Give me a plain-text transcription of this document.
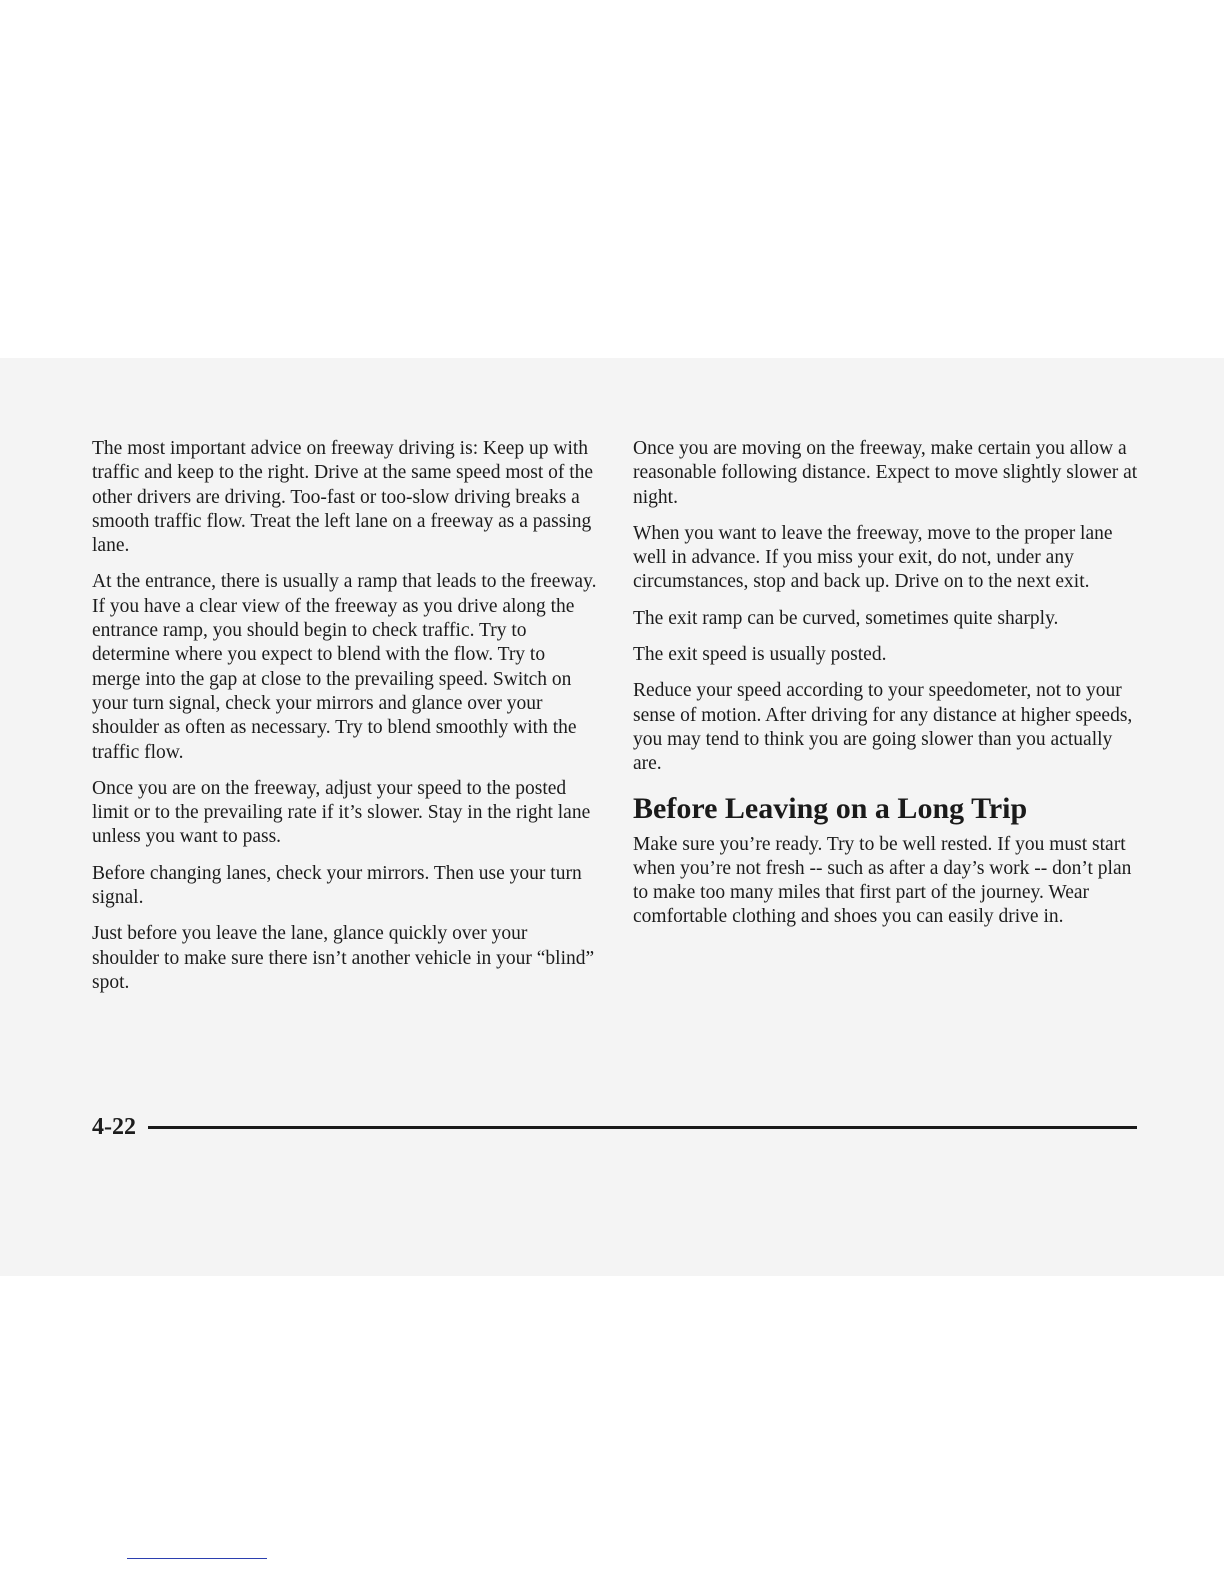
The most important advice on freeway driving is: Keep up with traffic and keep to the right. Drive at the same speed most of the other drivers are driving. Too-fast or too-slow driving breaks a smooth traffic flow. Treat the left lane on a freeway as a passing lane.

At the entrance, there is usually a ramp that leads to the freeway. If you have a clear view of the freeway as you drive along the entrance ramp, you should begin to check traffic. Try to determine where you expect to blend with the flow. Try to merge into the gap at close to the prevailing speed. Switch on your turn signal, check your mirrors and glance over your shoulder as often as necessary. Try to blend smoothly with the traffic flow.

Once you are on the freeway, adjust your speed to the posted limit or to the prevailing rate if it’s slower. Stay in the right lane unless you want to pass.

Before changing lanes, check your mirrors. Then use your turn signal.

Just before you leave the lane, glance quickly over your shoulder to make sure there isn’t another vehicle in your “blind” spot.

Once you are moving on the freeway, make certain you allow a reasonable following distance. Expect to move slightly slower at night.

When you want to leave the freeway, move to the proper lane well in advance. If you miss your exit, do not, under any circumstances, stop and back up. Drive on to the next exit.

The exit ramp can be curved, sometimes quite sharply.

The exit speed is usually posted.

Reduce your speed according to your speedometer, not to your sense of motion. After driving for any distance at higher speeds, you may tend to think you are going slower than you actually are.

Before Leaving on a Long Trip

Make sure you’re ready. Try to be well rested. If you must start when you’re not fresh -- such as after a day’s work -- don’t plan to make too many miles that first part of the journey. Wear comfortable clothing and shoes you can easily drive in.

4-22
